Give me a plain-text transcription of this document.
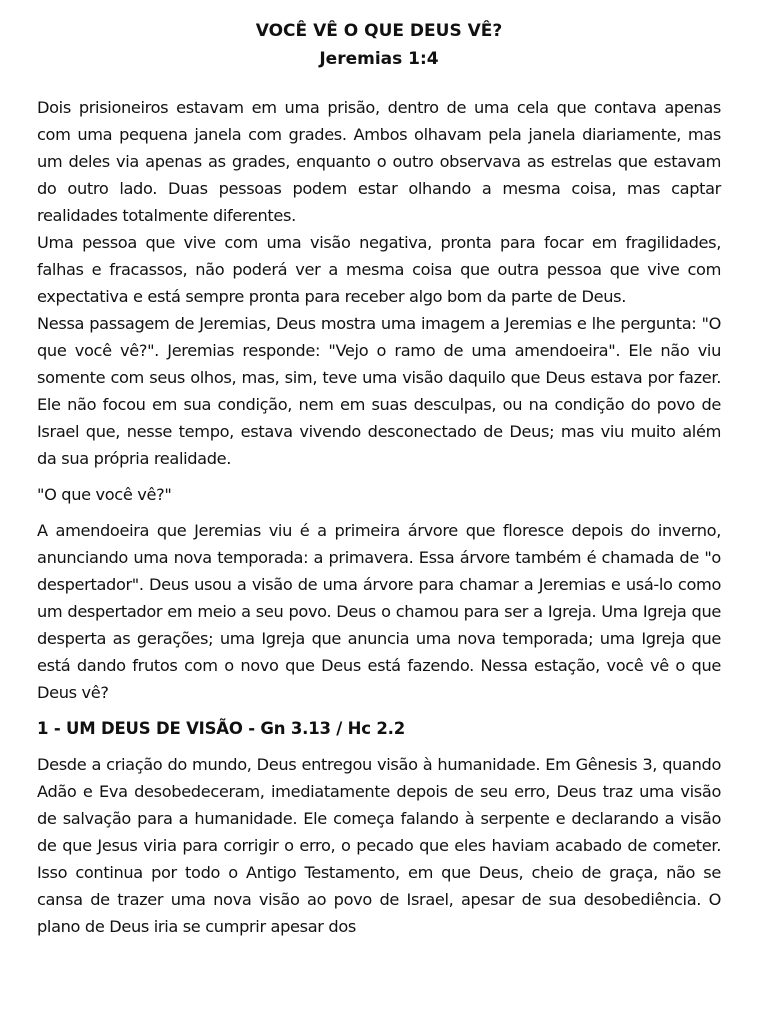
VOCÊ VÊ O QUE DEUS VÊ?
Jeremias 1:4

Dois prisioneiros estavam em uma prisão, dentro de uma cela que contava apenas com uma pequena janela com grades. Ambos olhavam pela janela diariamente, mas um deles via apenas as grades, enquanto o outro observava as estrelas que estavam do outro lado. Duas pessoas podem estar olhando a mesma coisa, mas captar realidades totalmente diferentes.

Uma pessoa que vive com uma visão negativa, pronta para focar em fragilidades, falhas e fracassos, não poderá ver a mesma coisa que outra pessoa que vive com expectativa e está sempre pronta para receber algo bom da parte de Deus.

Nessa passagem de Jeremias, Deus mostra uma imagem a Jeremias e lhe pergunta: "O que você vê?". Jeremias responde: "Vejo o ramo de uma amendoeira". Ele não viu somente com seus olhos, mas, sim, teve uma visão daquilo que Deus estava por fazer. Ele não focou em sua condição, nem em suas desculpas, ou na condição do povo de Israel que, nesse tempo, estava vivendo desconectado de Deus; mas viu muito além da sua própria realidade.

"O que você vê?"

A amendoeira que Jeremias viu é a primeira árvore que floresce depois do inverno, anunciando uma nova temporada: a primavera. Essa árvore também é chamada de "o despertador". Deus usou a visão de uma árvore para chamar a Jeremias e usá-lo como um despertador em meio a seu povo. Deus o chamou para ser a Igreja. Uma Igreja que desperta as gerações; uma Igreja que anuncia uma nova temporada; uma Igreja que está dando frutos com o novo que Deus está fazendo. Nessa estação, você vê o que Deus vê?

1 - UM DEUS DE VISÃO - Gn 3.13 / Hc 2.2

Desde a criação do mundo, Deus entregou visão à humanidade. Em Gênesis 3, quando Adão e Eva desobedeceram, imediatamente depois de seu erro, Deus traz uma visão de salvação para a humanidade. Ele começa falando à serpente e declarando a visão de que Jesus viria para corrigir o erro, o pecado que eles haviam acabado de cometer. Isso continua por todo o Antigo Testamento, em que Deus, cheio de graça, não se cansa de trazer uma nova visão ao povo de Israel, apesar de sua desobediência. O plano de Deus iria se cumprir apesar dos
